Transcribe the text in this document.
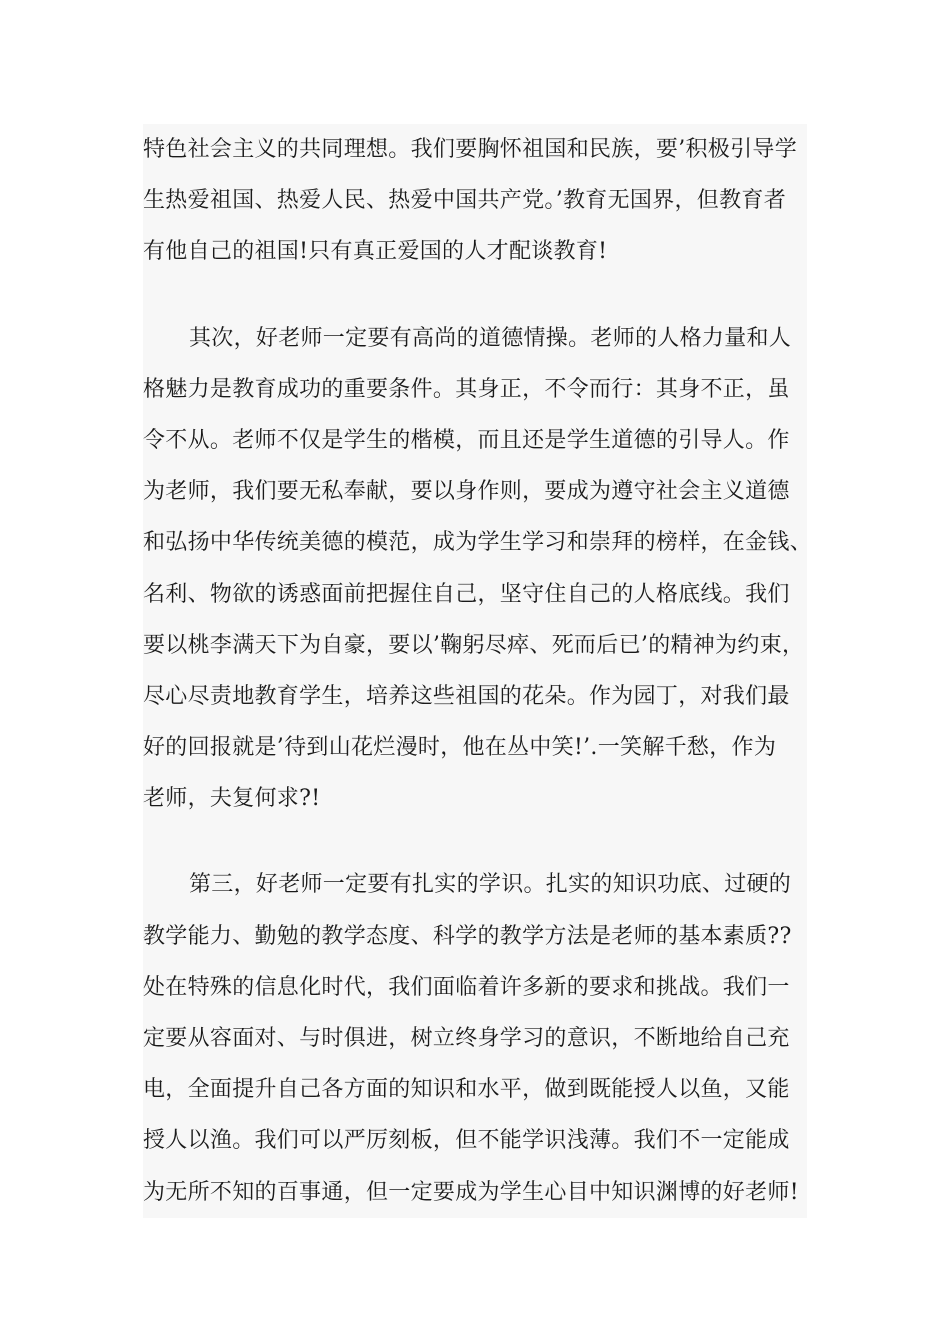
特色社会主义的共同理想。我们要胸怀祖国和民族，要’积极引导学
生热爱祖国、热爱人民、热爱中国共产党。’教育无国界，但教育者
有他自己的祖国!只有真正爱国的人才配谈教育!
其次，好老师一定要有高尚的道德情操。老师的人格力量和人
格魅力是教育成功的重要条件。其身正，不令而行：其身不正，虽
令不从。老师不仅是学生的楷模，而且还是学生道德的引导人。作
为老师，我们要无私奉献，要以身作则，要成为遵守社会主义道德
和弘扬中华传统美德的模范，成为学生学习和崇拜的榜样，在金钱、
名利、物欲的诱惑面前把握住自己，坚守住自己的人格底线。我们
要以桃李满天下为自豪，要以’鞠躬尽瘁、死而后已’的精神为约束，
尽心尽责地教育学生，培养这些祖国的花朵。作为园丁，对我们最
好的回报就是’待到山花烂漫时，他在丛中笑!’.一笑解千愁，作为
老师，夫复何求?!
第三，好老师一定要有扎实的学识。扎实的知识功底、过硬的
教学能力、勤勉的教学态度、科学的教学方法是老师的基本素质??
处在特殊的信息化时代，我们面临着许多新的要求和挑战。我们一
定要从容面对、与时俱进，树立终身学习的意识，不断地给自己充
电，全面提升自己各方面的知识和水平，做到既能授人以鱼，又能
授人以渔。我们可以严厉刻板，但不能学识浅薄。我们不一定能成
为无所不知的百事通，但一定要成为学生心目中知识渊博的好老师!
